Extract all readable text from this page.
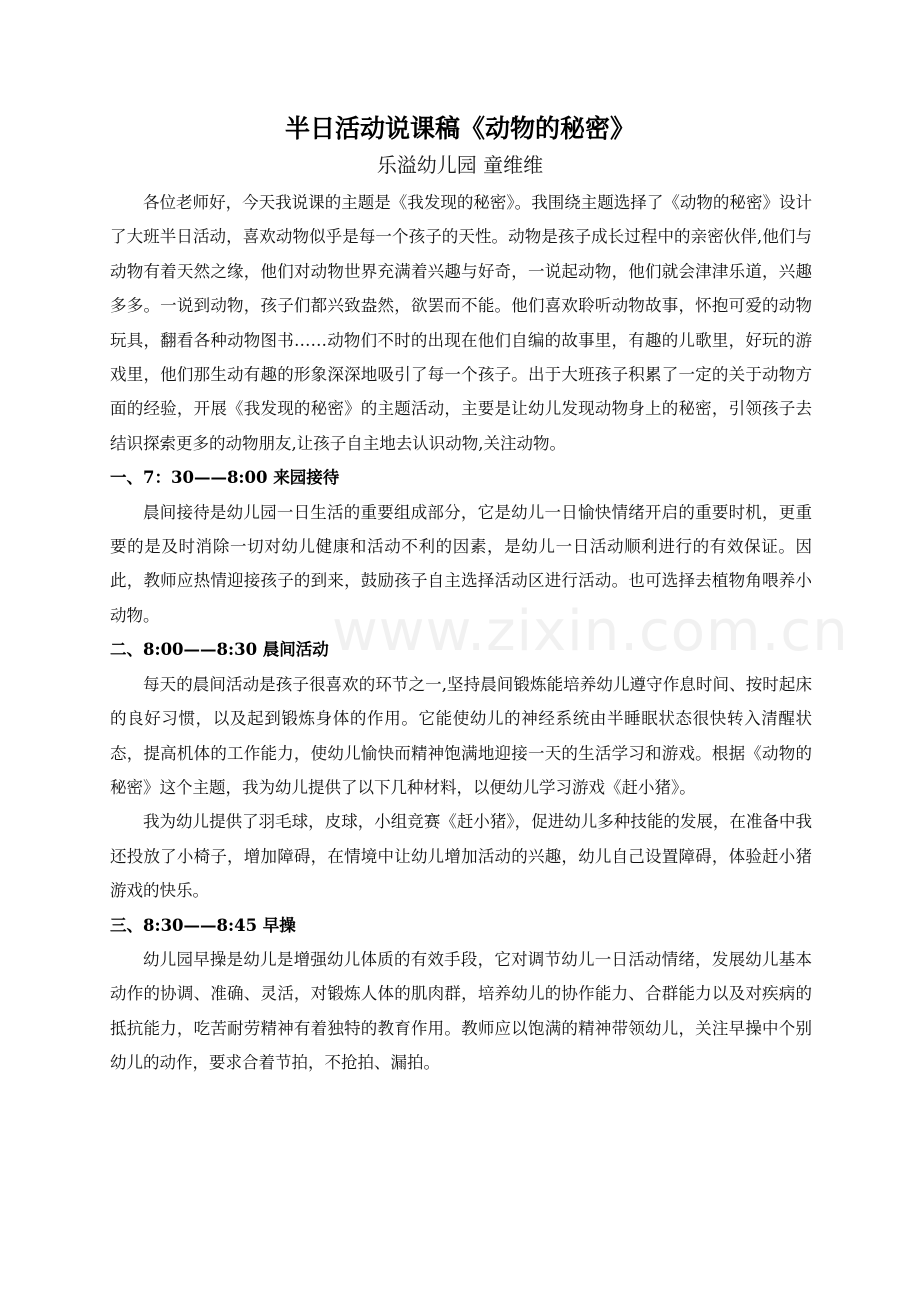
半日活动说课稿《动物的秘密》
乐溢幼儿园 童维维

各位老师好，今天我说课的主题是《我发现的秘密》。我围绕主题选择了《动物的秘密》设计了大班半日活动，喜欢动物似乎是每一个孩子的天性。动物是孩子成长过程中的亲密伙伴,他们与动物有着天然之缘，他们对动物世界充满着兴趣与好奇，一说起动物，他们就会津津乐道，兴趣多多。一说到动物，孩子们都兴致盎然，欲罢而不能。他们喜欢聆听动物故事，怀抱可爱的动物玩具，翻看各种动物图书……动物们不时的出现在他们自编的故事里，有趣的儿歌里，好玩的游戏里，他们那生动有趣的形象深深地吸引了每一个孩子。出于大班孩子积累了一定的关于动物方面的经验，开展《我发现的秘密》的主题活动，主要是让幼儿发现动物身上的秘密，引领孩子去结识探索更多的动物朋友,让孩子自主地去认识动物,关注动物。

一、7：30——8:00 来园接待

晨间接待是幼儿园一日生活的重要组成部分，它是幼儿一日愉快情绪开启的重要时机，更重要的是及时消除一切对幼儿健康和活动不利的因素，是幼儿一日活动顺利进行的有效保证。因此，教师应热情迎接孩子的到来，鼓励孩子自主选择活动区进行活动。也可选择去植物角喂养小动物。

二、8:00——8:30 晨间活动

每天的晨间活动是孩子很喜欢的环节之一,坚持晨间锻炼能培养幼儿遵守作息时间、按时起床的良好习惯，以及起到锻炼身体的作用。它能使幼儿的神经系统由半睡眠状态很快转入清醒状态，提高机体的工作能力，使幼儿愉快而精神饱满地迎接一天的生活学习和游戏。根据《动物的秘密》这个主题，我为幼儿提供了以下几种材料，以便幼儿学习游戏《赶小猪》。

我为幼儿提供了羽毛球，皮球，小组竞赛《赶小猪》，促进幼儿多种技能的发展，在准备中我还投放了小椅子，增加障碍，在情境中让幼儿增加活动的兴趣，幼儿自己设置障碍，体验赶小猪游戏的快乐。

三、8:30——8:45 早操

幼儿园早操是幼儿是增强幼儿体质的有效手段，它对调节幼儿一日活动情绪，发展幼儿基本动作的协调、准确、灵活，对锻炼人体的肌肉群，培养幼儿的协作能力、合群能力以及对疾病的抵抗能力，吃苦耐劳精神有着独特的教育作用。教师应以饱满的精神带领幼儿，关注早操中个别幼儿的动作，要求合着节拍，不抢拍、漏拍。

www.zixin.com.cn
